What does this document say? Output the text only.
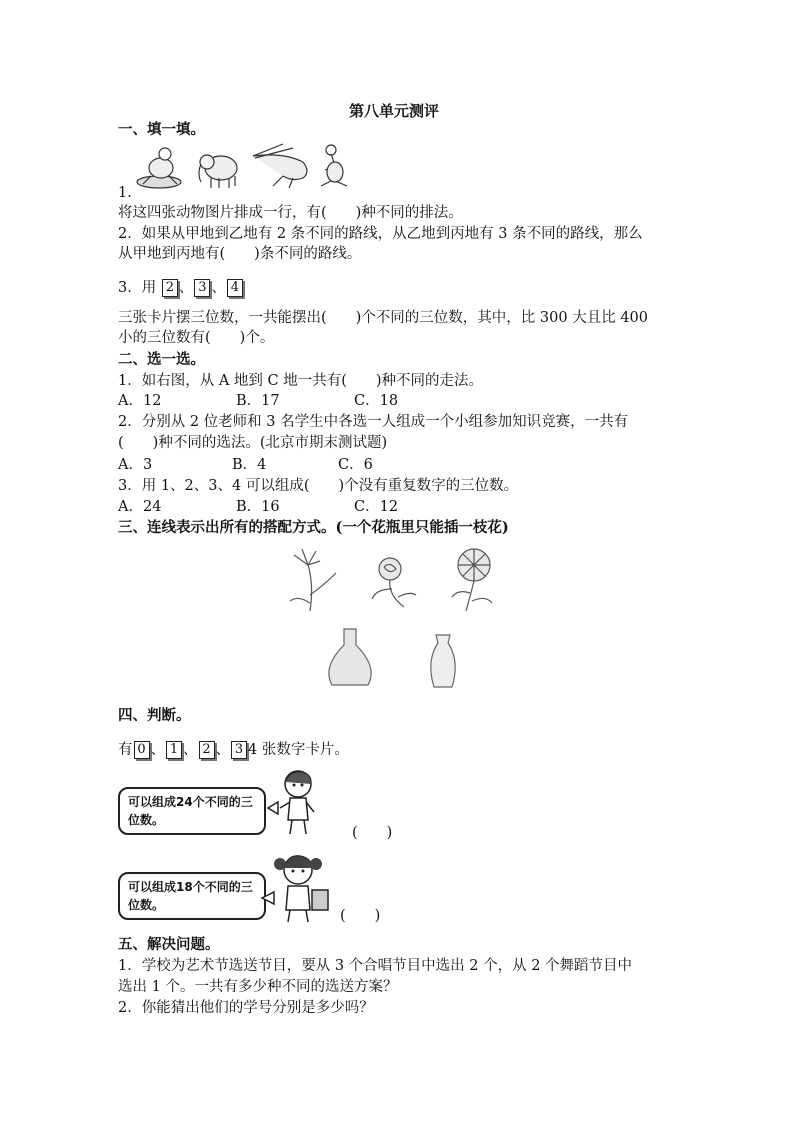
第八单元测评
一、填一填。
1.
将这四张动物图片排成一行，有(　　)种不同的排法。
2．如果从甲地到乙地有 2 条不同的路线，从乙地到丙地有 3 条不同的路线，那么
从甲地到丙地有(　　)条不同的路线。
3．用 2 、 3 、 4
三张卡片摆三位数，一共能摆出(　　)个不同的三位数，其中，比 300 大且比 400
小的三位数有(　　)个。
二、选一选。
1．如右图，从 A 地到 C 地一共有(　　)种不同的走法。
A．12	B．17	C．18
2．分别从 2 位老师和 3 名学生中各选一人组成一个小组参加知识竞赛，一共有
(　　)种不同的选法。(北京市期末测试题)
A．3	B．4	C．6
3．用 1、2、3、4 可以组成(　　)个没有重复数字的三位数。
A．24	B．16	C．12
三、连线表示出所有的搭配方式。(一个花瓶里只能插一枝花)
四、判断。
有 0 、 1 、 2 、 3 4 张数字卡片。
可以组成24个不同的三位数。
(　　)
可以组成18个不同的三位数。
(　　)
五、解决问题。
1．学校为艺术节选送节目，要从 3 个合唱节目中选出 2 个，从 2 个舞蹈节目中
选出 1 个。一共有多少种不同的选送方案？
2．你能猜出他们的学号分别是多少吗？
